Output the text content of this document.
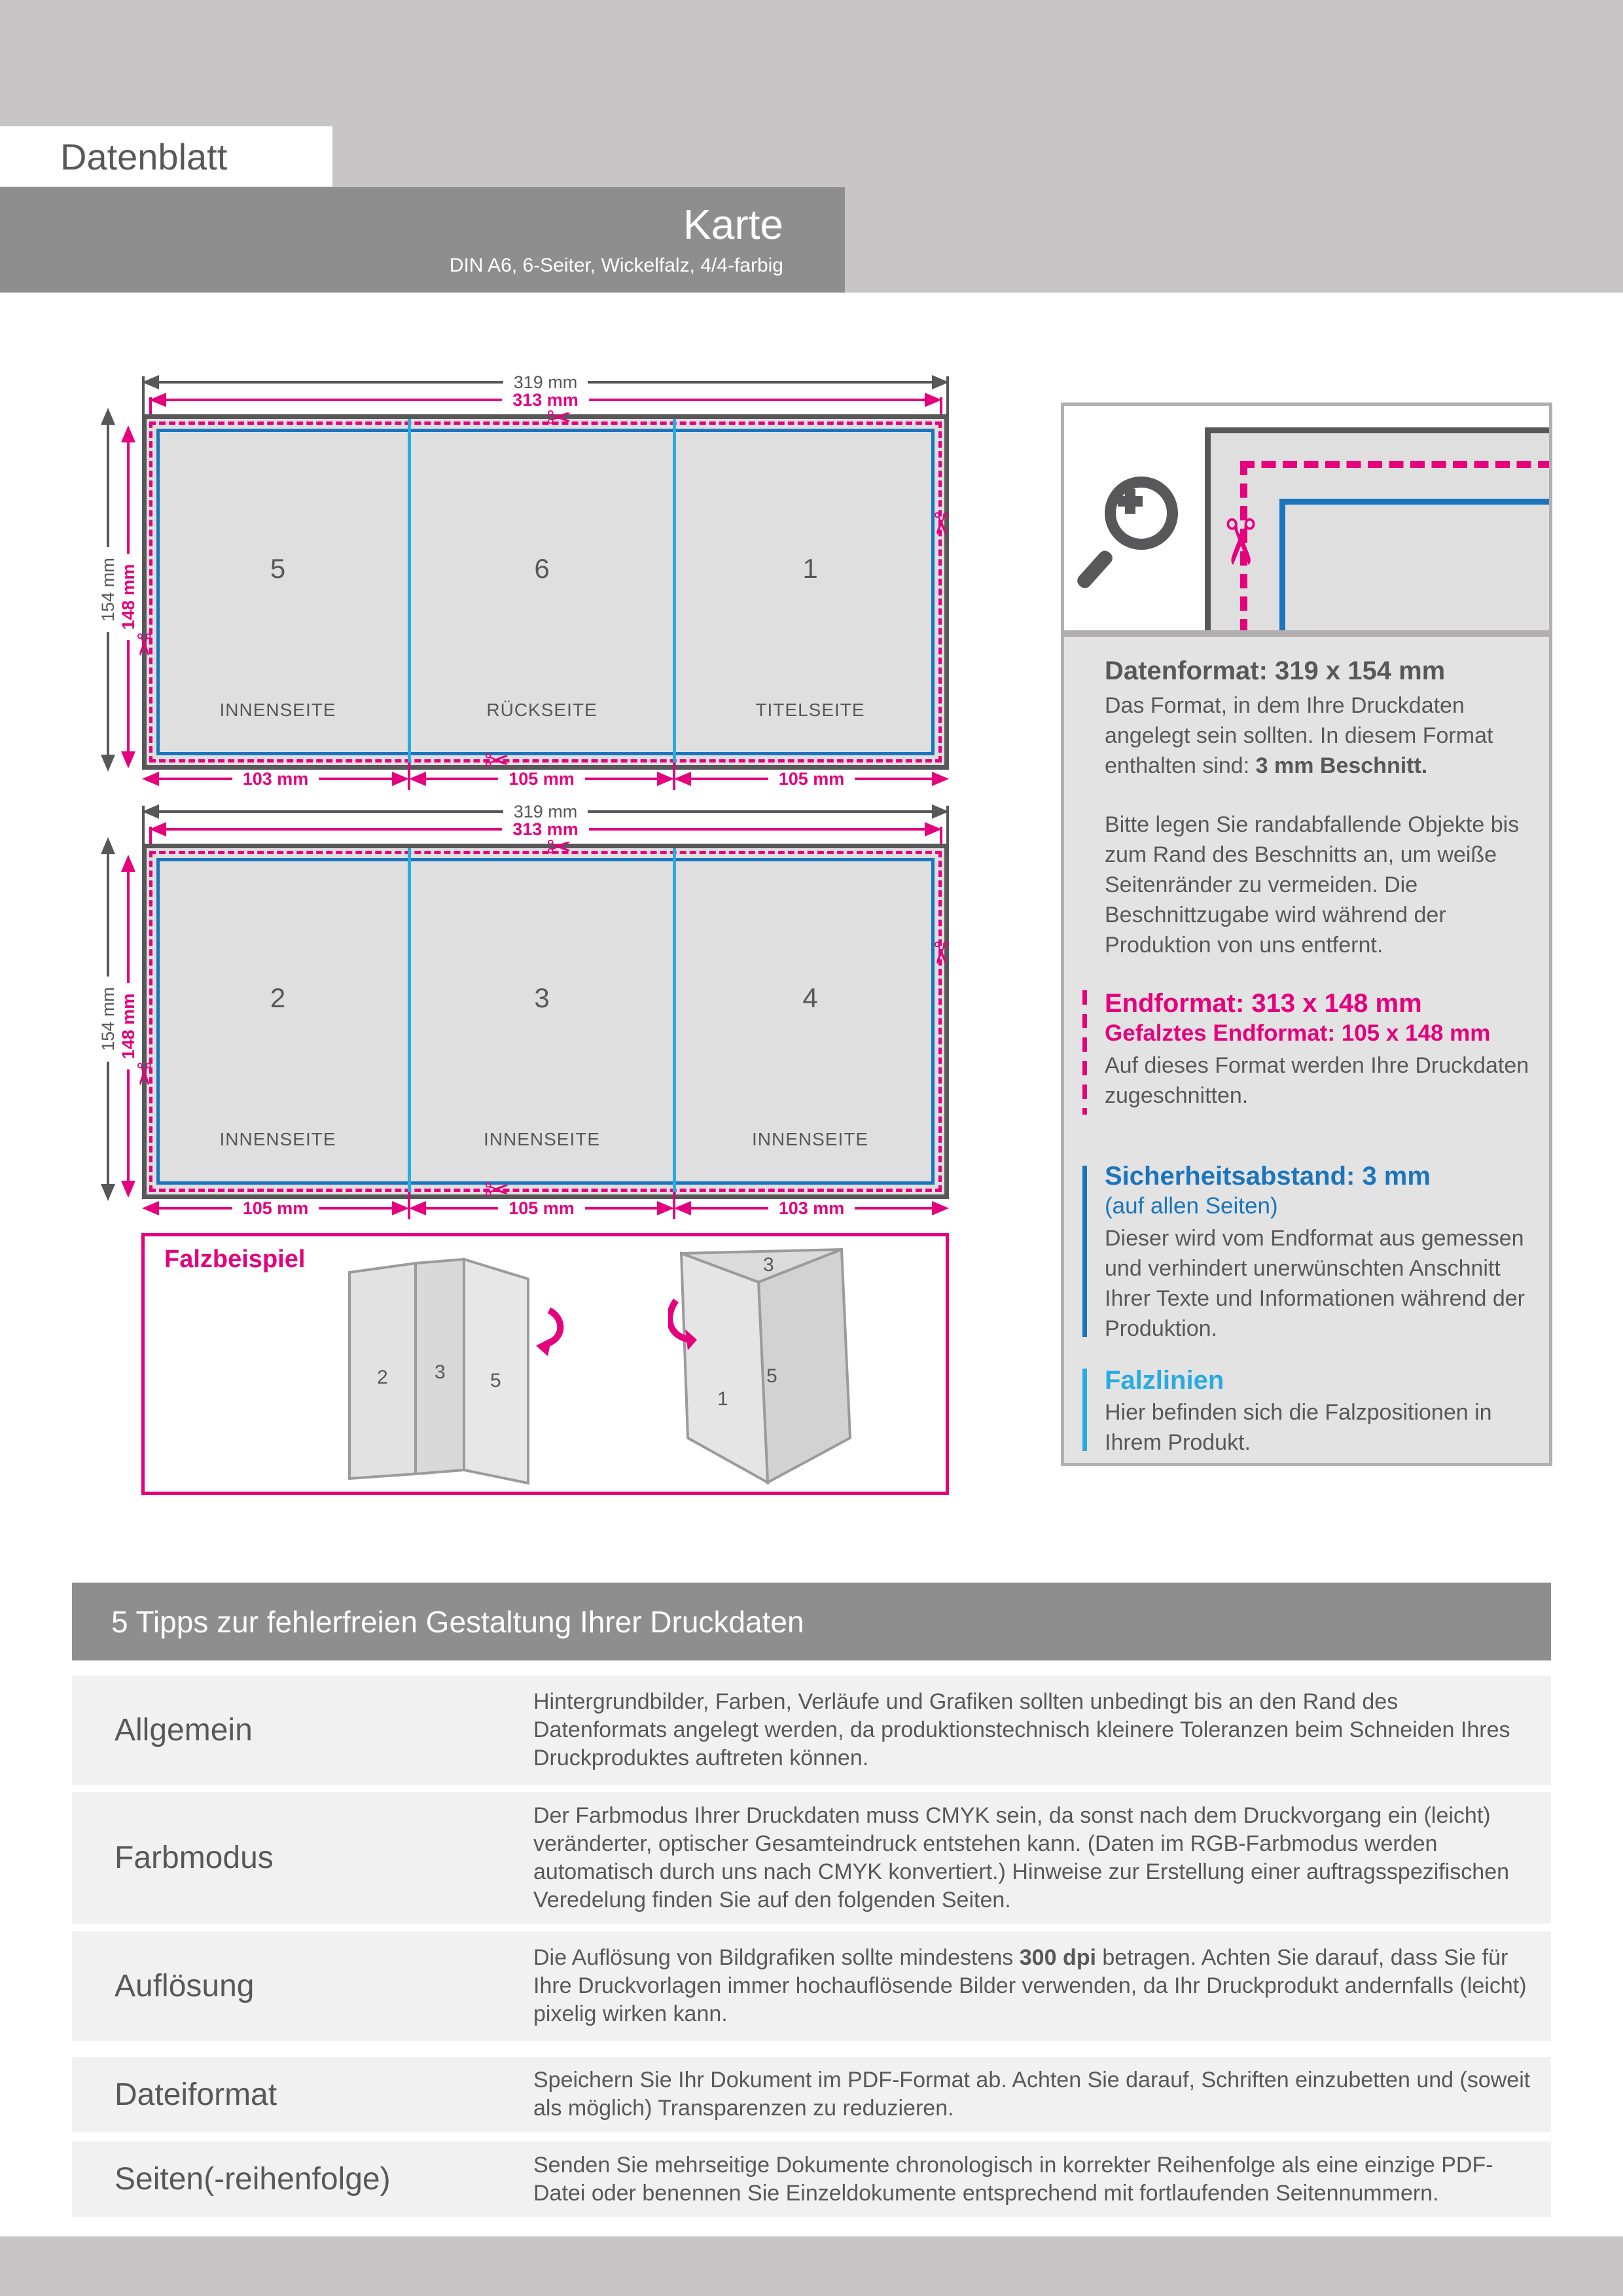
Datenblatt
Karte
DIN A6, 6-Seiter, Wickelfalz, 4/4-farbig
319 mm
313 mm
154 mm 148 mm	5
INNENSEITE
6
RÜCKSEITE
1
TITELSEITE
✂
✂
✂
✂
103 mm	105 mm	105 mm
319 mm
313 mm
154 mm 148 mm	2
INNENSEITE
3
INNENSEITE
4
INNENSEITE
✂
✂
✂
✂
105 mm	105 mm	103 mm
Falzbeispiel
2 3 5
3
5
1
✂
Datenformat: 319 x 154 mm
Das Format, in dem Ihre Druckdaten angelegt sein sollten. In diesem Format enthalten sind: 3 mm Beschnitt.
Bitte legen Sie randabfallende Objekte bis zum Rand des Beschnitts an, um weiße Seitenränder zu vermeiden. Die Beschnittzugabe wird während der Produktion von uns entfernt.
Endformat: 313 x 148 mm
Gefalztes Endformat: 105 x 148 mm
Auf dieses Format werden Ihre Druckdaten zugeschnitten.
Sicherheitsabstand: 3 mm
(auf allen Seiten)
Dieser wird vom Endformat aus gemessen und verhindert unerwünschten Anschnitt Ihrer Texte und Informationen während der Produktion.
Falzlinien
Hier befinden sich die Falzpositionen in Ihrem Produkt.
5 Tipps zur fehlerfreien Gestaltung Ihrer Druckdaten
Allgemein
Hintergrundbilder, Farben, Verläufe und Grafiken sollten unbedingt bis an den Rand des Datenformats angelegt werden, da produktionstechnisch kleinere Toleranzen beim Schneiden Ihres Druckproduktes auftreten können.
Farbmodus
Der Farbmodus Ihrer Druckdaten muss CMYK sein, da sonst nach dem Druckvorgang ein (leicht) veränderter, optischer Gesamteindruck entstehen kann. (Daten im RGB-Farbmodus werden automatisch durch uns nach CMYK konvertiert.) Hinweise zur Erstellung einer auftragsspezifischen Veredelung finden Sie auf den folgenden Seiten.
Auflösung
Die Auflösung von Bildgrafiken sollte mindestens 300 dpi betragen. Achten Sie darauf, dass Sie für Ihre Druckvorlagen immer hochauflösende Bilder verwenden, da Ihr Druckprodukt andernfalls (leicht) pixelig wirken kann.
Dateiformat	Speichern Sie Ihr Dokument im PDF-Format ab. Achten Sie darauf, Schriften einzubetten und (soweit als möglich) Transparenzen zu reduzieren.
Seiten(-reihenfolge)	Senden Sie mehrseitige Dokumente chronologisch in korrekter Reihenfolge als eine einzige PDF-Datei oder benennen Sie Einzeldokumente entsprechend mit fortlaufenden Seitennummern.
